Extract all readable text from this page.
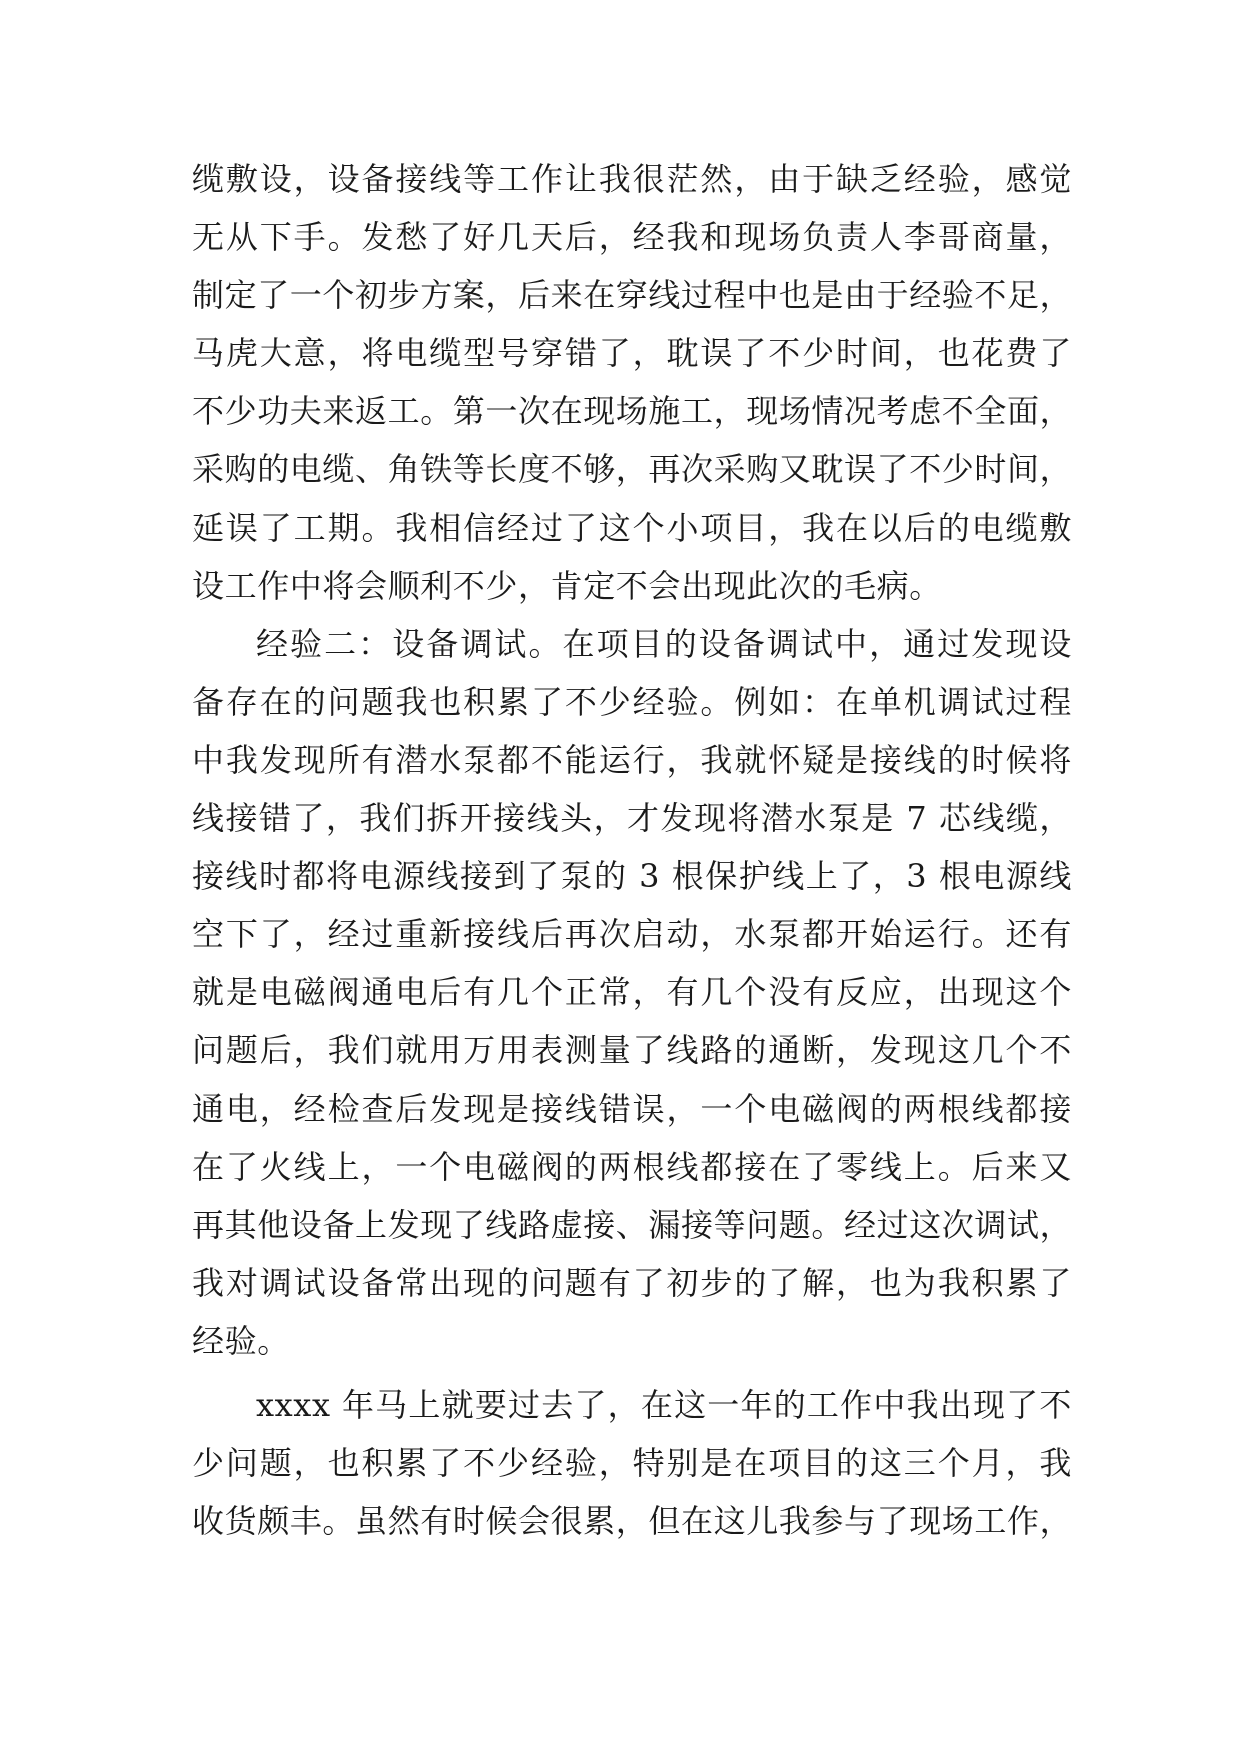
缆敷设，设备接线等工作让我很茫然，由于缺乏经验，感觉
无从下手。发愁了好几天后，经我和现场负责人李哥商量，
制定了一个初步方案，后来在穿线过程中也是由于经验不足，
马虎大意，将电缆型号穿错了，耽误了不少时间，也花费了
不少功夫来返工。第一次在现场施工，现场情况考虑不全面，
采购的电缆、角铁等长度不够，再次采购又耽误了不少时间，
延误了工期。我相信经过了这个小项目，我在以后的电缆敷
设工作中将会顺利不少，肯定不会出现此次的毛病。
经验二：设备调试。在项目的设备调试中，通过发现设
备存在的问题我也积累了不少经验。例如：在单机调试过程
中我发现所有潜水泵都不能运行，我就怀疑是接线的时候将
线接错了，我们拆开接线头，才发现将潜水泵是 7 芯线缆，
接线时都将电源线接到了泵的 3 根保护线上了，3 根电源线
空下了，经过重新接线后再次启动，水泵都开始运行。还有
就是电磁阀通电后有几个正常，有几个没有反应，出现这个
问题后，我们就用万用表测量了线路的通断，发现这几个不
通电，经检查后发现是接线错误，一个电磁阀的两根线都接
在了火线上，一个电磁阀的两根线都接在了零线上。后来又
再其他设备上发现了线路虚接、漏接等问题。经过这次调试，
我对调试设备常出现的问题有了初步的了解，也为我积累了
经验。
xxxx 年马上就要过去了，在这一年的工作中我出现了不
少问题，也积累了不少经验，特别是在项目的这三个月，我
收货颇丰。虽然有时候会很累，但在这儿我参与了现场工作，
